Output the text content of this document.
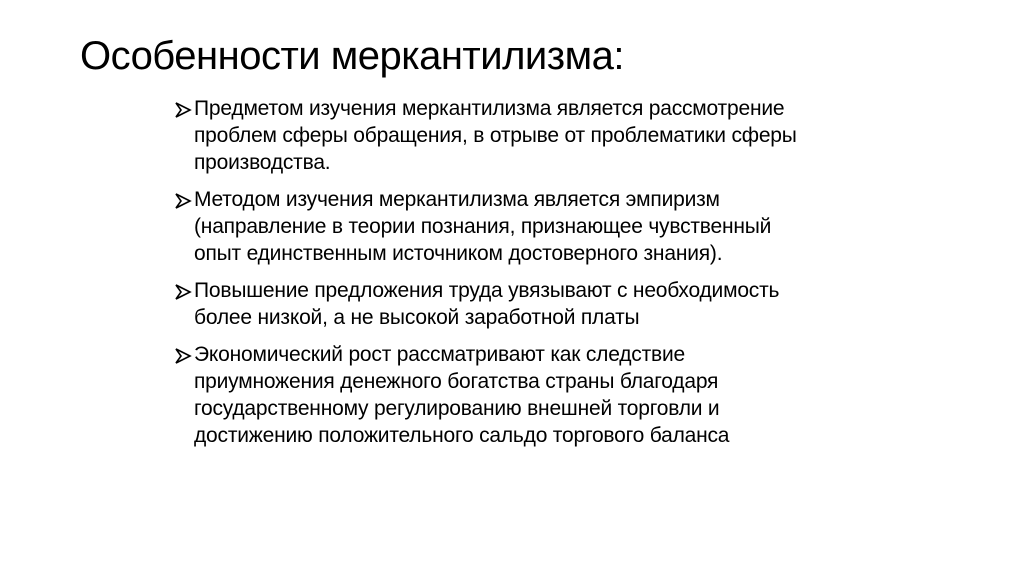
Особенности меркантилизма:
Предметом изучения меркантилизма является рассмотрение проблем сферы обращения, в отрыве от проблематики сферы производства.
Методом изучения меркантилизма является эмпиризм (направление в теории познания, признающее чувственный опыт единственным источником достоверного знания).
Повышение предложения труда увязывают с необходимость более низкой, а не высокой заработной платы
Экономический рост рассматривают как следствие приумножения денежного богатства страны благодаря государственному регулированию внешней торговли и достижению положительного сальдо торгового баланса
